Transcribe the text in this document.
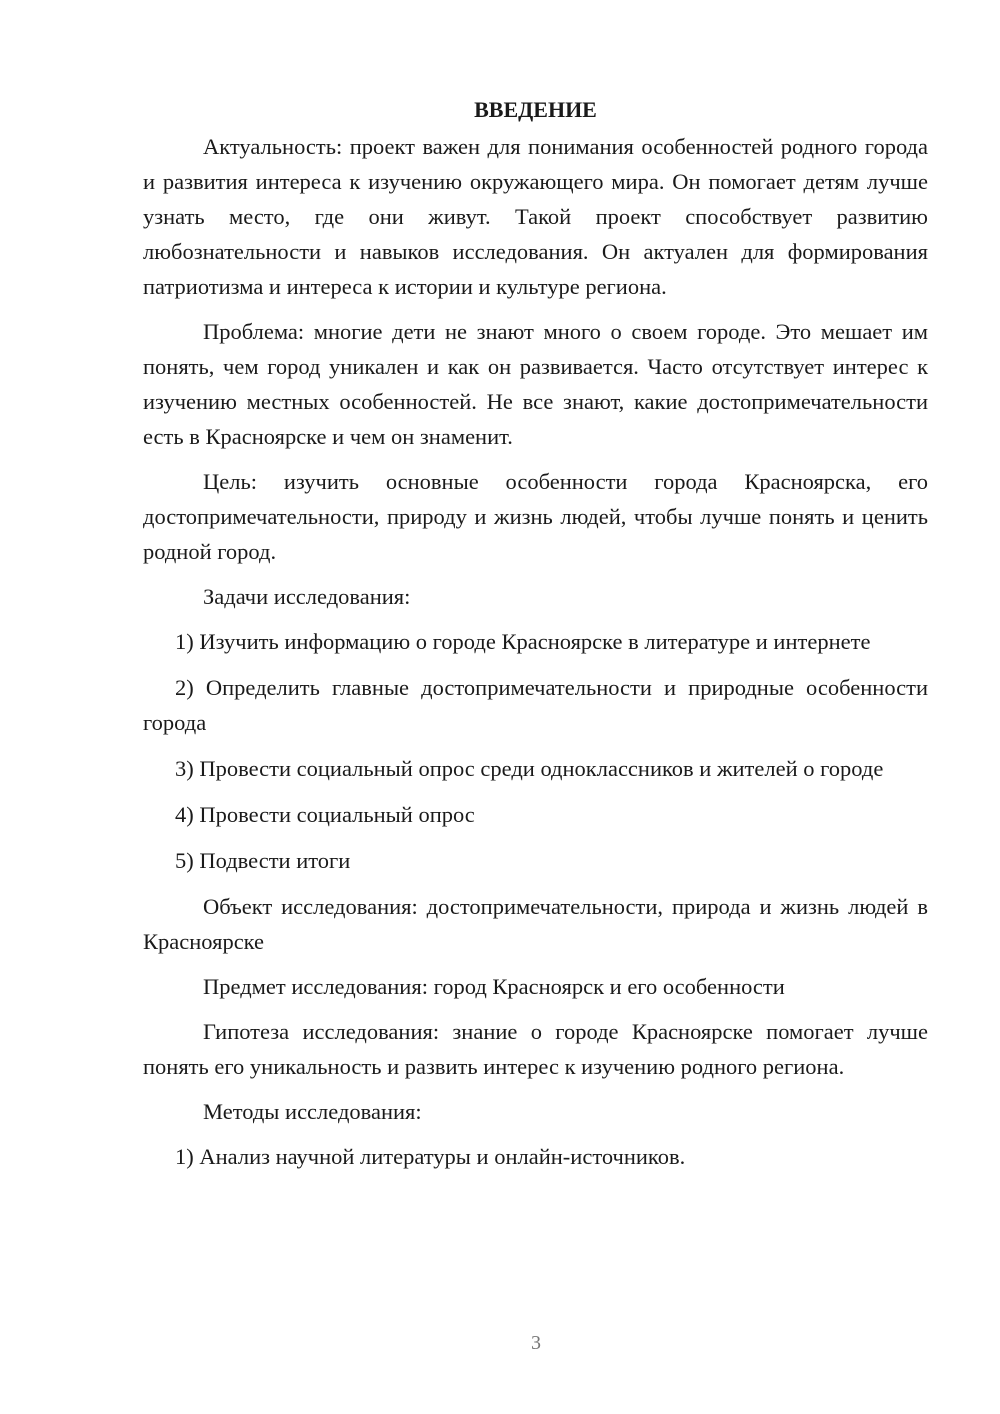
ВВЕДЕНИЕ

Актуальность: проект важен для понимания особенностей родного города и развития интереса к изучению окружающего мира. Он помогает детям лучше узнать место, где они живут. Такой проект способствует развитию любознательности и навыков исследования. Он актуален для формирования патриотизма и интереса к истории и культуре региона.

Проблема: многие дети не знают много о своем городе. Это мешает им понять, чем город уникален и как он развивается. Часто отсутствует интерес к изучению местных особенностей. Не все знают, какие достопримечательности есть в Красноярске и чем он знаменит.

Цель: изучить основные особенности города Красноярска, его достопримечательности, природу и жизнь людей, чтобы лучше понять и ценить родной город.

Задачи исследования:

1) Изучить информацию о городе Красноярске в литературе и интернете

2) Определить главные достопримечательности и природные особенности города

3) Провести социальный опрос среди одноклассников и жителей о городе

4) Провести социальный опрос

5) Подвести итоги

Объект исследования: достопримечательности, природа и жизнь людей в Красноярске

Предмет исследования: город Красноярск и его особенности

Гипотеза исследования: знание о городе Красноярске помогает лучше понять его уникальность и развить интерес к изучению родного региона.

Методы исследования:

1) Анализ научной литературы и онлайн-источников.

3
